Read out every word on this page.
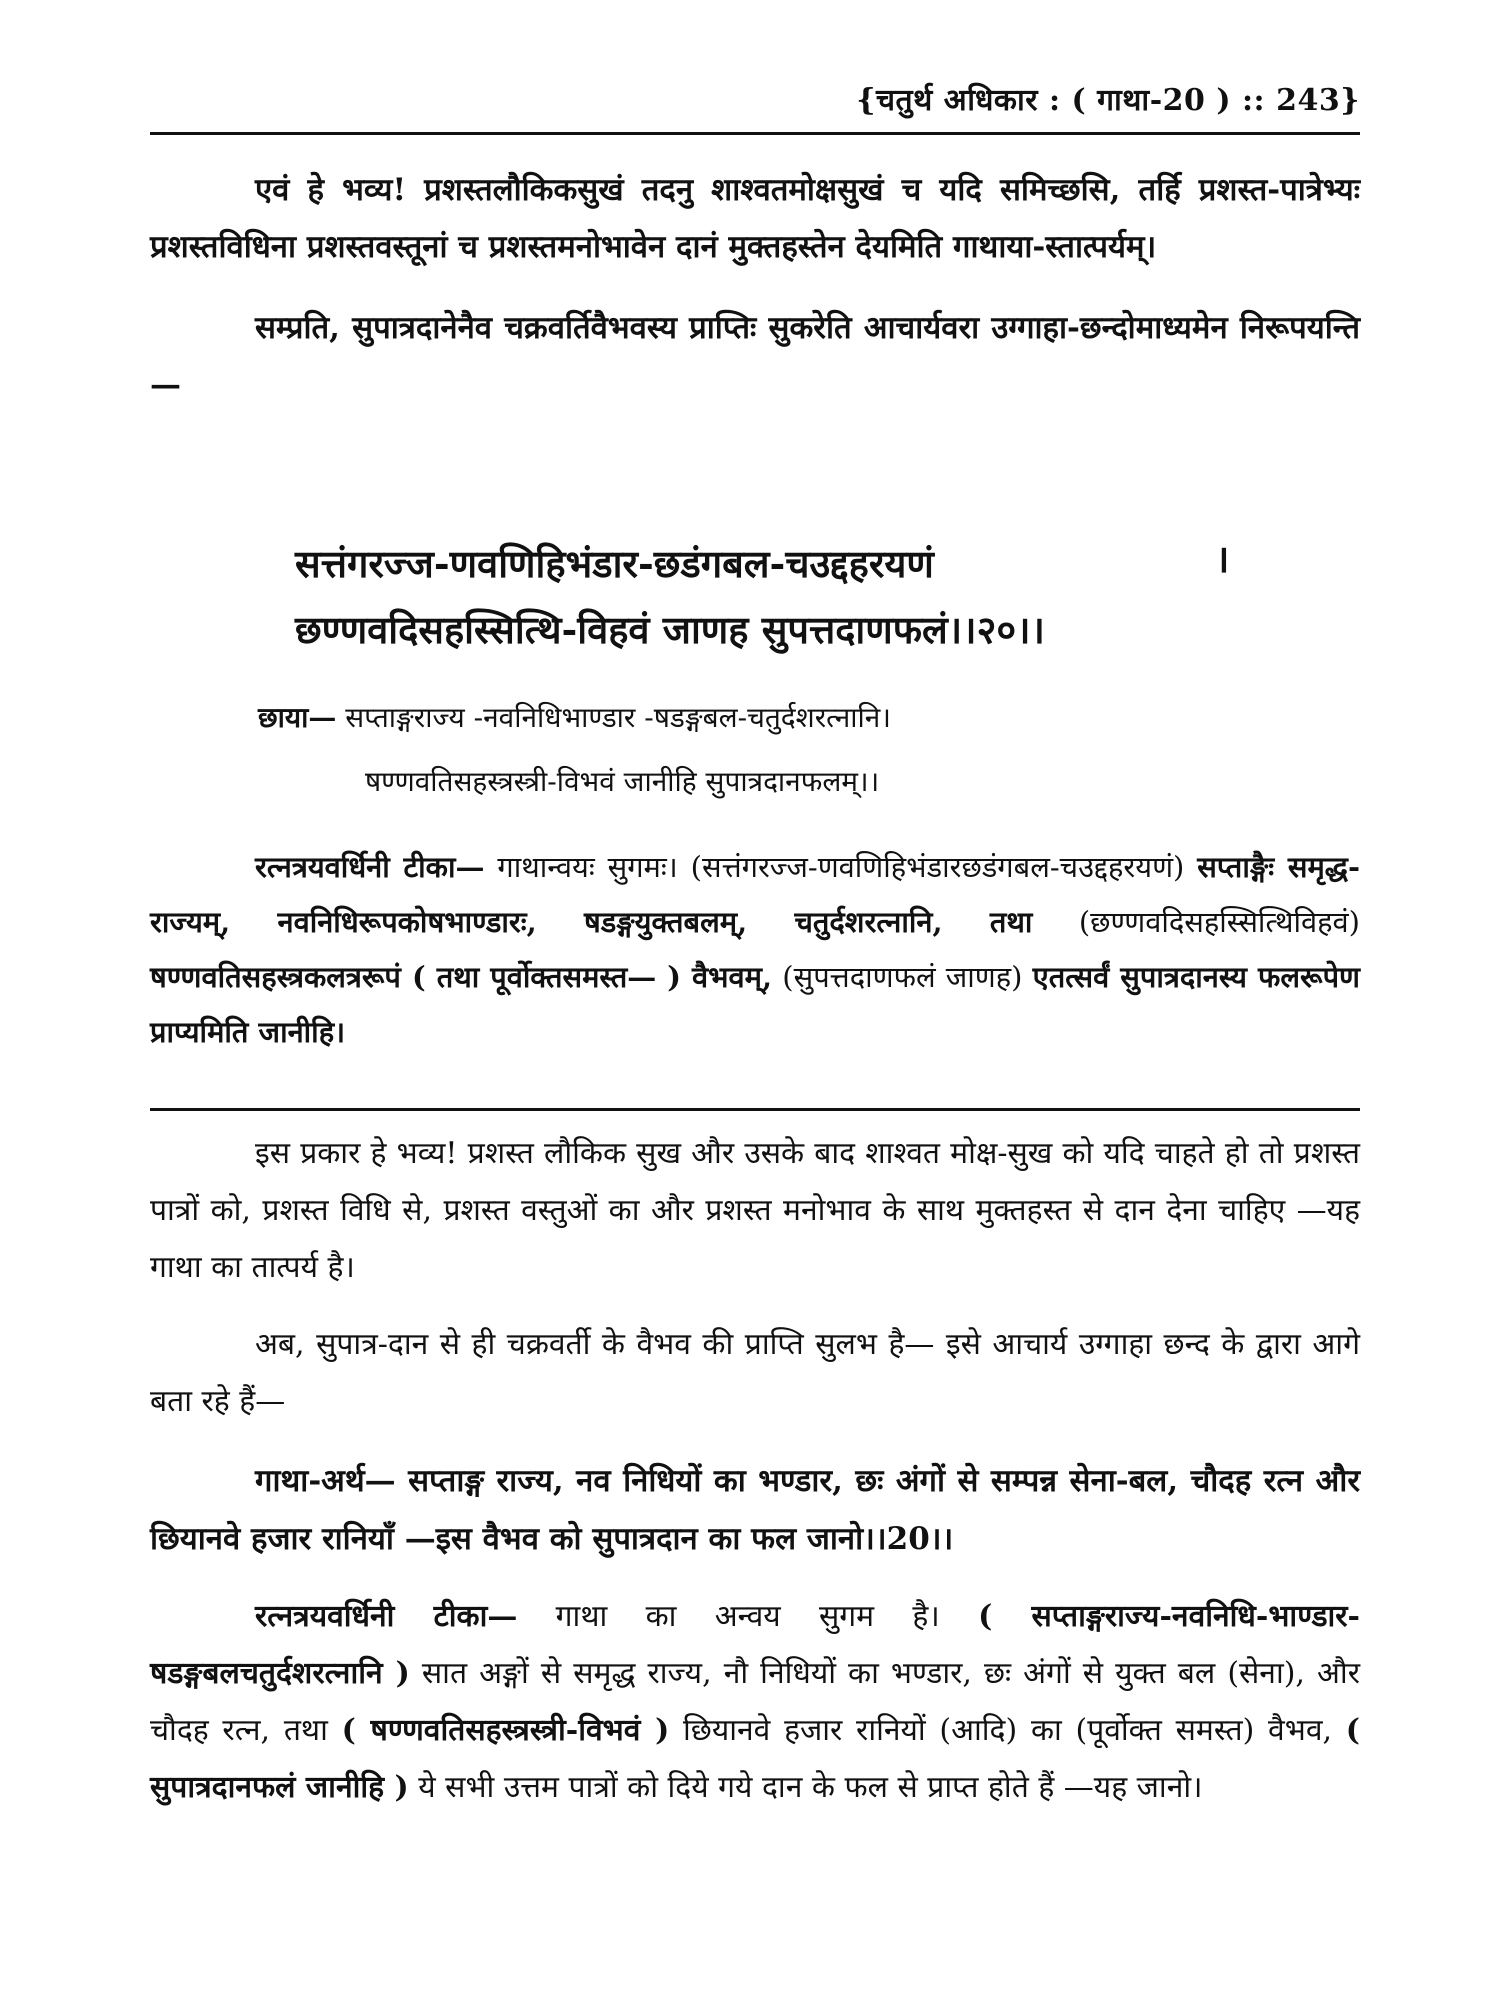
{चतुर्थ अधिकार : ( गाथा-20 ) :: 243}

एवं हे भव्य! प्रशस्तलौकिकसुखं तदनु शाश्वतमोक्षसुखं च यदि समिच्छसि, तर्हि प्रशस्त-पात्रेभ्यः प्रशस्तविधिना प्रशस्तवस्तूनां च प्रशस्तमनोभावेन दानं मुक्तहस्तेन देयमिति गाथाया-स्तात्पर्यम्।

सम्प्रति, सुपात्रदानेनैव चक्रवर्तिवैभवस्य प्राप्तिः सुकरेति आचार्यवरा उग्गाहा-छन्दोमाध्यमेन निरूपयन्ति—

सत्तंगरज्ज-णवणिहिभंडार-छडंगबल-चउद्दहरयणं	।
छण्णवदिसहस्सित्थि-विहवं जाणह सुपत्तदाणफलं।।२०।।
छाया— सप्ताङ्गराज्य -नवनिधिभाण्डार -षडङ्गबल-चतुर्दशरत्नानि।
षण्णवतिसहस्त्रस्त्री-विभवं जानीहि सुपात्रदानफलम्।।

रत्नत्रयवर्धिनी टीका— गाथान्वयः सुगमः। (सत्तंगरज्ज-णवणिहिभंडारछडंगबल-चउद्दहरयणं) सप्ताङ्गैः समृद्ध-राज्यम्, नवनिधिरूपकोषभाण्डारः, षडङ्गयुक्तबलम्, चतुर्दशरत्नानि, तथा (छण्णवदिसहस्सित्थिविहवं) षण्णवतिसहस्त्रकलत्ररूपं ( तथा पूर्वोक्तसमस्त— ) वैभवम्, (सुपत्तदाणफलं जाणह) एतत्सर्वं सुपात्रदानस्य फलरूपेण प्राप्यमिति जानीहि।

इस प्रकार हे भव्य! प्रशस्त लौकिक सुख और उसके बाद शाश्वत मोक्ष-सुख को यदि चाहते हो तो प्रशस्त पात्रों को, प्रशस्त विधि से, प्रशस्त वस्तुओं का और प्रशस्त मनोभाव के साथ मुक्तहस्त से दान देना चाहिए —यह गाथा का तात्पर्य है।

अब, सुपात्र-दान से ही चक्रवर्ती के वैभव की प्राप्ति सुलभ है— इसे आचार्य उग्गाहा छन्द के द्वारा आगे बता रहे हैं—

गाथा-अर्थ— सप्ताङ्ग राज्य, नव निधियों का भण्डार, छः अंगों से सम्पन्न सेना-बल, चौदह रत्न और छियानवे हजार रानियाँ —इस वैभव को सुपात्रदान का फल जानो।।20।।

रत्नत्रयवर्धिनी टीका— गाथा का अन्वय सुगम है। ( सप्ताङ्गराज्य-नवनिधि-भाण्डार-षडङ्गबलचतुर्दशरत्नानि ) सात अङ्गों से समृद्ध राज्य, नौ निधियों का भण्डार, छः अंगों से युक्त बल (सेना), और चौदह रत्न, तथा ( षण्णवतिसहस्त्रस्त्री-विभवं ) छियानवे हजार रानियों (आदि) का (पूर्वोक्त समस्त) वैभव, ( सुपात्रदानफलं जानीहि ) ये सभी उत्तम पात्रों को दिये गये दान के फल से प्राप्त होते हैं —यह जानो।
